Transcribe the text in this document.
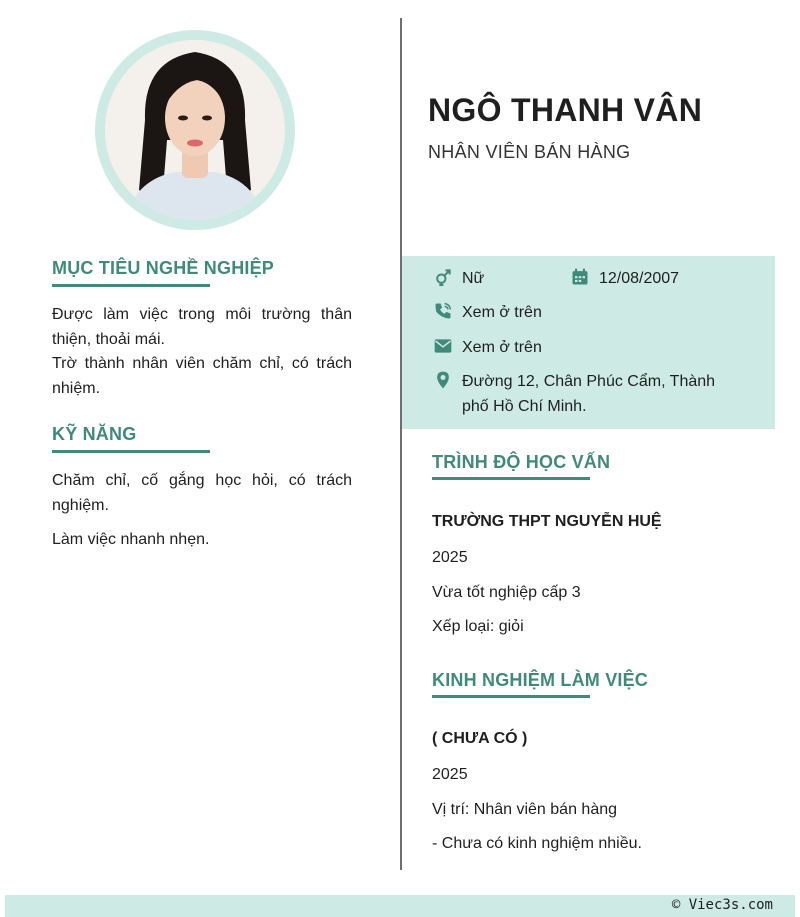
MỤC TIÊU NGHỀ NGHIỆP
Được làm việc trong môi trường thân thiện, thoải mái.
Trờ thành nhân viên chăm chỉ, có trách nhiệm.
KỸ NĂNG
Chăm chỉ, cố gắng học hỏi, có trách nghiệm.
Làm việc nhanh nhẹn.
NGÔ THANH VÂN
NHÂN VIÊN BÁN HÀNG
Nữ	12/08/2007
Xem ở trên
Xem ở trên
Đường 12, Chân Phúc Cẩm, Thành phố Hồ Chí Minh.
TRÌNH ĐỘ HỌC VẤN
TRƯỜNG THPT NGUYỄN HUỆ
2025
Vừa tốt nghiệp cấp 3
Xếp loại: giỏi
KINH NGHIỆM LÀM VIỆC
( CHƯA CÓ )
2025
Vị trí: Nhân viên bán hàng
- Chưa có kinh nghiệm nhiều.
© Viec3s.com
